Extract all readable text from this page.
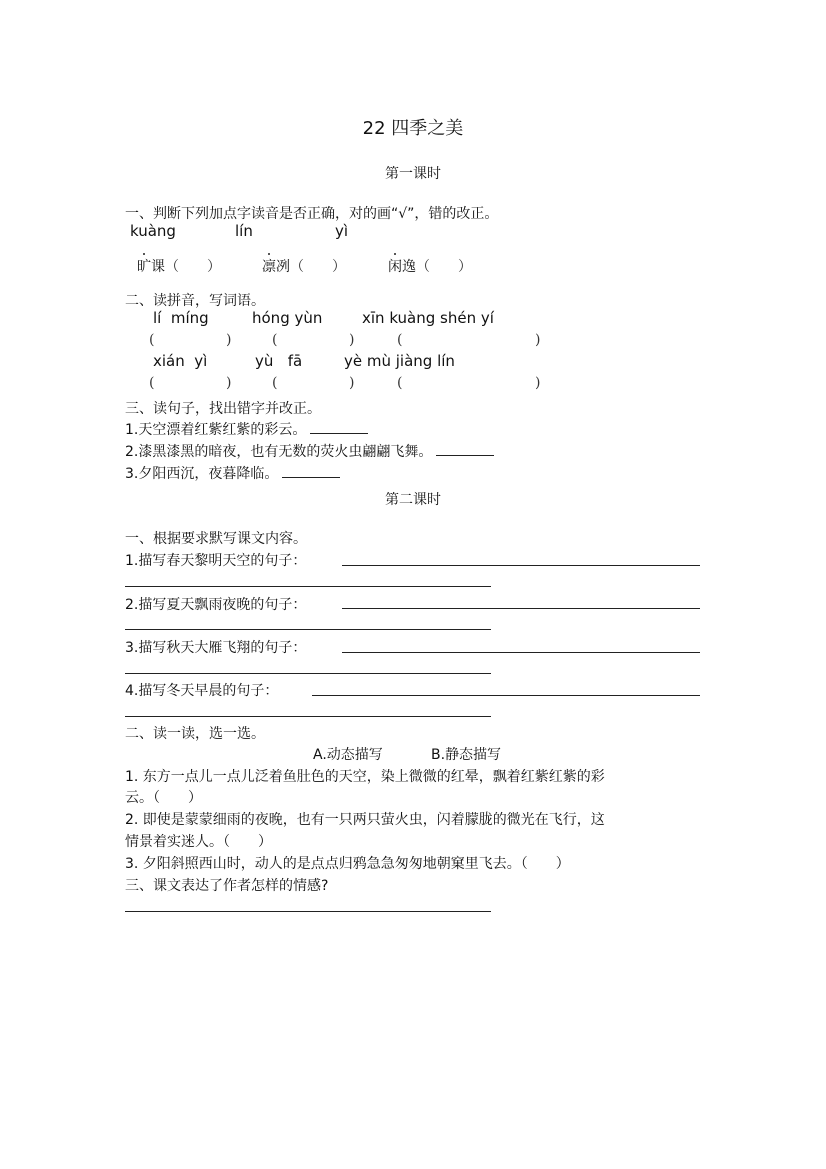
22 四季之美
第一课时
一、判断下列加点字读音是否正确，对的画“√”，错的改正。
kuàng	lín	yì
旷课（　　）	凛冽（　　）	闲逸（　　）
二、读拼音，写词语。
lí  míng	hóng yùn	xīn kuàng shén yí
(	)	(	)	(	)
xián  yì	yù   fā	yè mù jiàng lín
(	)	(	)	(	)
三、读句子，找出错字并改正。
1.天空漂着红紫红紫的彩云。
2.漆黑漆黑的暗夜，也有无数的荧火虫翩翩飞舞。
3.夕阳西沉，夜暮降临。
第二课时
一、根据要求默写课文内容。
1.描写春天黎明天空的句子：
2.描写夏天飘雨夜晚的句子：
3.描写秋天大雁飞翔的句子：
4.描写冬天早晨的句子：
二、读一读，选一选。
A.动态描写	B.静态描写
1. 东方一点儿一点儿泛着鱼肚色的天空，染上微微的红晕，飘着红紫红紫的彩
云。（　　）
2. 即使是蒙蒙细雨的夜晚，也有一只两只萤火虫，闪着朦胧的微光在飞行，这
情景着实迷人。（　　）
3. 夕阳斜照西山时，动人的是点点归鸦急急匆匆地朝窠里飞去。（　　）
三、课文表达了作者怎样的情感?
